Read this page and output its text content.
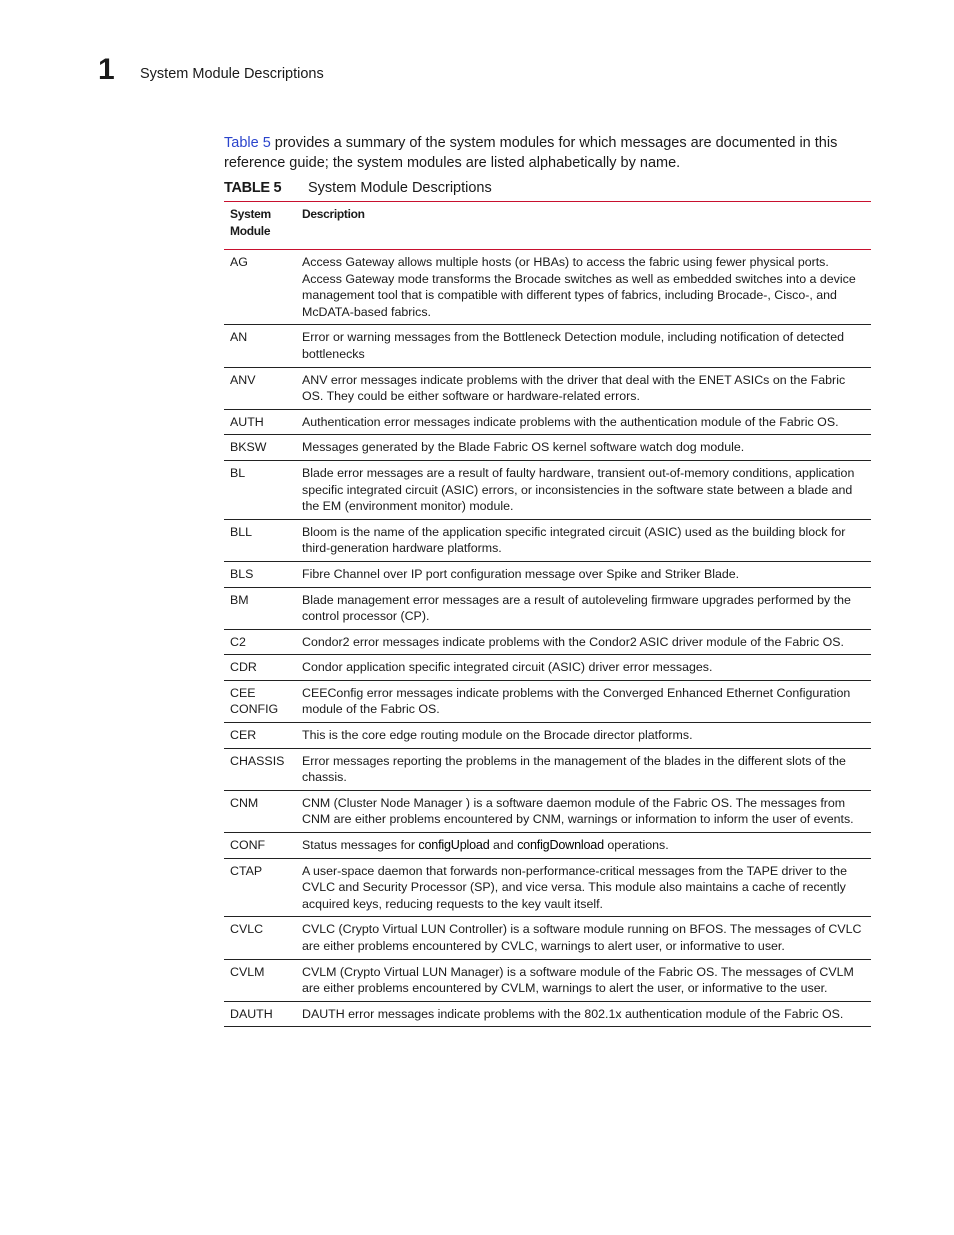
1 System Module Descriptions

Table 5 provides a summary of the system modules for which messages are documented in this reference guide; the system modules are listed alphabetically by name.

TABLE 5 System Module Descriptions
System Module	Description
AG	Access Gateway allows multiple hosts (or HBAs) to access the fabric using fewer physical ports. Access Gateway mode transforms the Brocade switches as well as embedded switches into a device management tool that is compatible with different types of fabrics, including Brocade-, Cisco-, and McDATA-based fabrics.
AN	Error or warning messages from the Bottleneck Detection module, including notification of detected bottlenecks
ANV	ANV error messages indicate problems with the driver that deal with the ENET ASICs on the Fabric OS. They could be either software or hardware-related errors.
AUTH	Authentication error messages indicate problems with the authentication module of the Fabric OS.
BKSW	Messages generated by the Blade Fabric OS kernel software watch dog module.
BL	Blade error messages are a result of faulty hardware, transient out-of-memory conditions, application specific integrated circuit (ASIC) errors, or inconsistencies in the software state between a blade and the EM (environment monitor) module.
BLL	Bloom is the name of the application specific integrated circuit (ASIC) used as the building block for third-generation hardware platforms.
BLS	Fibre Channel over IP port configuration message over Spike and Striker Blade.
BM	Blade management error messages are a result of autoleveling firmware upgrades performed by the control processor (CP).
C2	Condor2 error messages indicate problems with the Condor2 ASIC driver module of the Fabric OS.
CDR	Condor application specific integrated circuit (ASIC) driver error messages.
CEE CONFIG	CEEConfig error messages indicate problems with the Converged Enhanced Ethernet Configuration module of the Fabric OS.
CER	This is the core edge routing module on the Brocade director platforms.
CHASSIS	Error messages reporting the problems in the management of the blades in the different slots of the chassis.
CNM	CNM (Cluster Node Manager ) is a software daemon module of the Fabric OS. The messages from CNM are either problems encountered by CNM, warnings or information to inform the user of events.
CONF	Status messages for configUpload and configDownload operations.
CTAP	A user-space daemon that forwards non-performance-critical messages from the TAPE driver to the CVLC and Security Processor (SP), and vice versa. This module also maintains a cache of recently acquired keys, reducing requests to the key vault itself.
CVLC	CVLC (Crypto Virtual LUN Controller) is a software module running on BFOS. The messages of CVLC are either problems encountered by CVLC, warnings to alert user, or informative to user.
CVLM	CVLM (Crypto Virtual LUN Manager) is a software module of the Fabric OS. The messages of CVLM are either problems encountered by CVLM, warnings to alert the user, or informative to the user.
DAUTH	DAUTH error messages indicate problems with the 802.1x authentication module of the Fabric OS.
